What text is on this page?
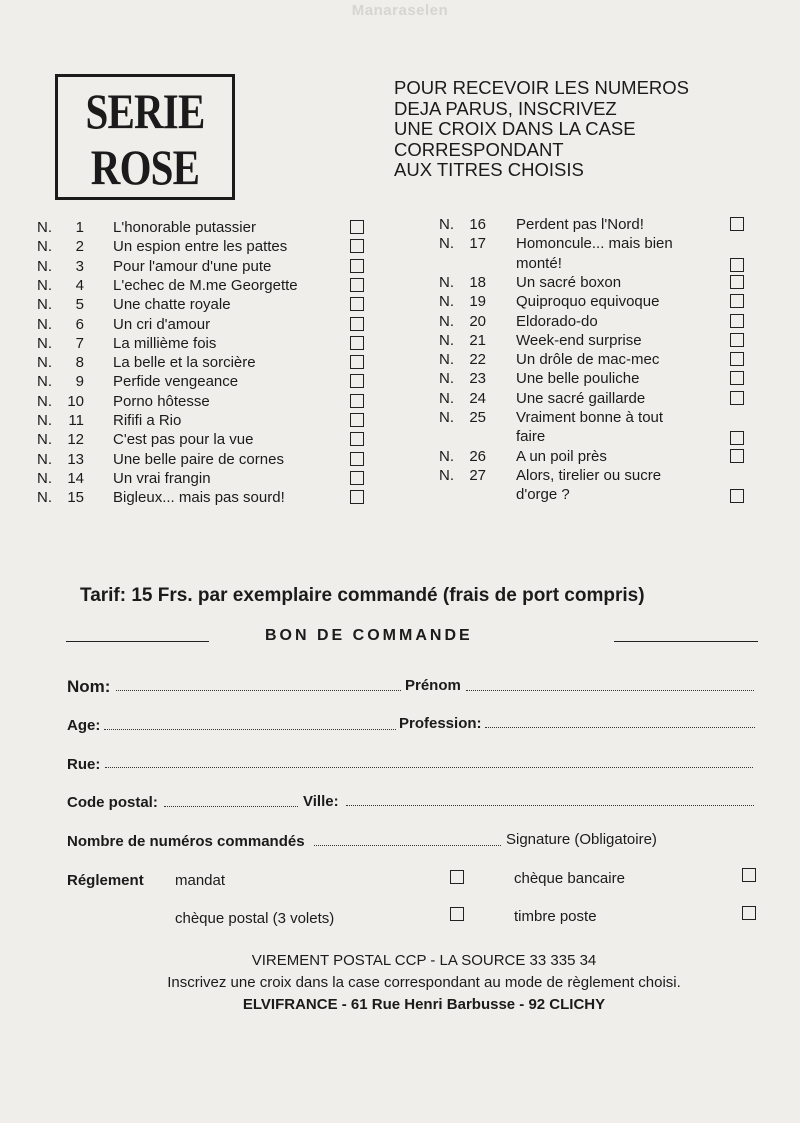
Manaraselen
SERIE
ROSE
POUR RECEVOIR LES NUMEROS
DEJA PARUS, INSCRIVEZ
UNE CROIX DANS LA CASE
CORRESPONDANT
AUX TITRES CHOISIS
N.	1 L'honorable putassier
N.	2 Un espion entre les pattes
N.	3 Pour l'amour d'une pute
N.	4 L'echec de M.me Georgette
N.	5 Une chatte royale
N.	6 Un cri d'amour
N.	7 La millième fois
N.	8 La belle et la sorcière
N.	9 Perfide vengeance
N. 10 Porno hôtesse
N. 11 Rififi a Rio
N. 12 C'est pas pour la vue
N. 13 Une belle paire de cornes
N. 14 Un vrai frangin
N. 15 Bigleux... mais pas sourd!
N. 16 Perdent pas l'Nord!
N. 17 Homoncule... mais bien
monté!
N. 18 Un sacré boxon
N. 19 Quiproquo equivoque
N. 20 Eldorado-do
N. 21 Week-end surprise
N. 22 Un drôle de mac-mec
N. 23 Une belle pouliche
N. 24 Une sacré gaillarde
N. 25 Vraiment bonne à tout
faire
N. 26 A un poil près
N. 27 Alors, tirelier ou sucre
d'orge ?
Tarif: 15 Frs. par exemplaire commandé (frais de port compris)
BON DE COMMANDE
Nom:	Prénom
Age:	Profession:
Rue:
Code postal:	Ville:
Nombre de numéros commandés	Signature (Obligatoire)
Réglement mandat	chèque bancaire
chèque postal (3 volets)	timbre poste
VIREMENT POSTAL CCP - LA SOURCE 33 335 34
Inscrivez une croix dans la case correspondant au mode de règlement choisi.
ELVIFRANCE - 61 Rue Henri Barbusse - 92 CLICHY
